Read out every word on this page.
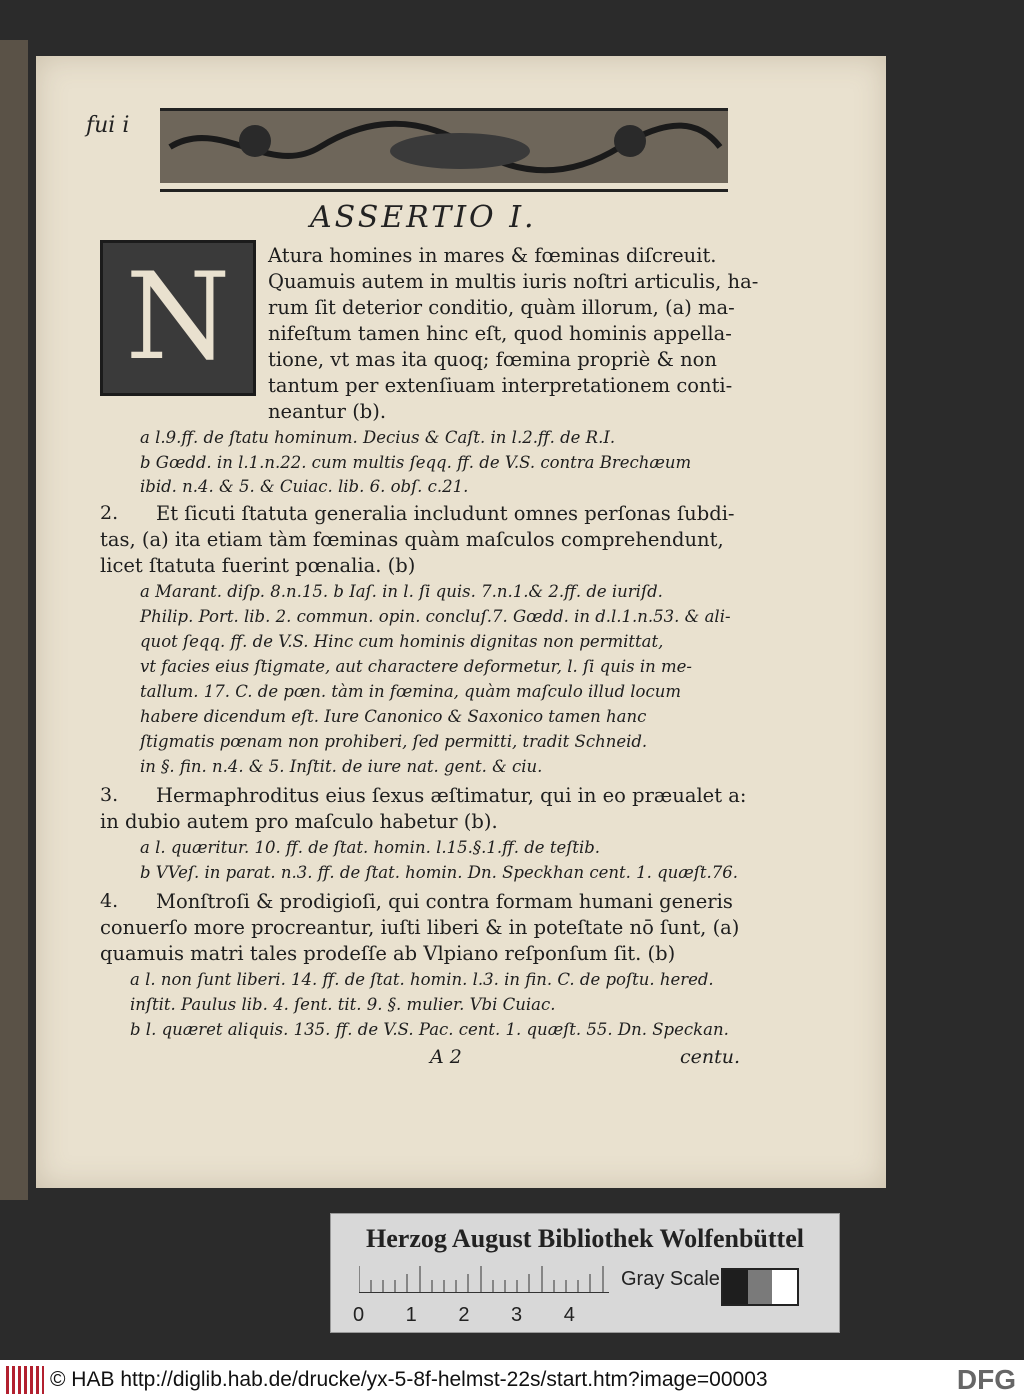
fui i
ASSERTIO I.
N	Atura homines in mares & fœminas diſcreuit.
Quamuis autem in multis iuris noſtri articulis, ha-
rum ſit deterior conditio, quàm illorum, (a) ma-
nifeſtum tamen hinc eſt, quod hominis appella-
tione, vt mas ita quoq; fœmina propriè & non
tantum per extenſiuam interpretationem conti-
neantur (b).
a l.9.ff. de ſtatu hominum. Decius & Caſt. in l.2.ff. de R.I.
b Gœdd. in l.1.n.22. cum multis ſeqq. ff. de V.S. contra Brechæum
ibid. n.4. & 5. & Cuiac. lib. 6. obſ. c.21.
2. Et ſicuti ſtatuta generalia includunt omnes perſonas ſubdi-
tas, (a) ita etiam tàm fœminas quàm maſculos comprehendunt,
licet ſtatuta fuerint pœnalia. (b)
a Marant. diſp. 8.n.15. b Iaſ. in l. ſi quis. 7.n.1.& 2.ff. de iuriſd.
Philip. Port. lib. 2. commun. opin. concluſ.7. Gœdd. in d.l.1.n.53. & ali-
quot ſeqq. ff. de V.S. Hinc cum hominis dignitas non permittat,
vt facies eius ſtigmate, aut charactere deformetur, l. ſi quis in me-
tallum. 17. C. de pœn. tàm in fœmina, quàm maſculo illud locum
habere dicendum eſt. Iure Canonico & Saxonico tamen hanc
ſtigmatis pœnam non prohiberi, ſed permitti, tradit Schneid.
in §. fin. n.4. & 5. Inſtit. de iure nat. gent. & ciu.
3. Hermaphroditus eius ſexus æſtimatur, qui in eo præualet a:
in dubio autem pro maſculo habetur (b).
a l. quæritur. 10. ff. de ſtat. homin. l.15.§.1.ff. de teſtib.
b VVeſ. in parat. n.3. ff. de ſtat. homin. Dn. Speckhan cent. 1. quæſt.76.
4. Monſtroſi & prodigioſi, qui contra formam humani generis
conuerſo more procreantur, iuſti liberi & in poteſtate nō ſunt, (a)
quamuis matri tales prodeſſe ab Vlpiano reſponſum ſit. (b)
a l. non ſunt liberi. 14. ff. de ſtat. homin. l.3. in fin. C. de poſtu. hered.
inſtit. Paulus lib. 4. ſent. tit. 9. §. mulier. Vbi Cuiac.
b l. quæret aliquis. 135. ff. de V.S. Pac. cent. 1. quæſt. 55. Dn. Speckan.
A 2	centu.
Herzog August Bibliothek Wolfenbüttel
0 1 2 3 4
Gray Scale
© HAB http://diglib.hab.de/drucke/yx-5-8f-helmst-22s/start.htm?image=00003	DFG
